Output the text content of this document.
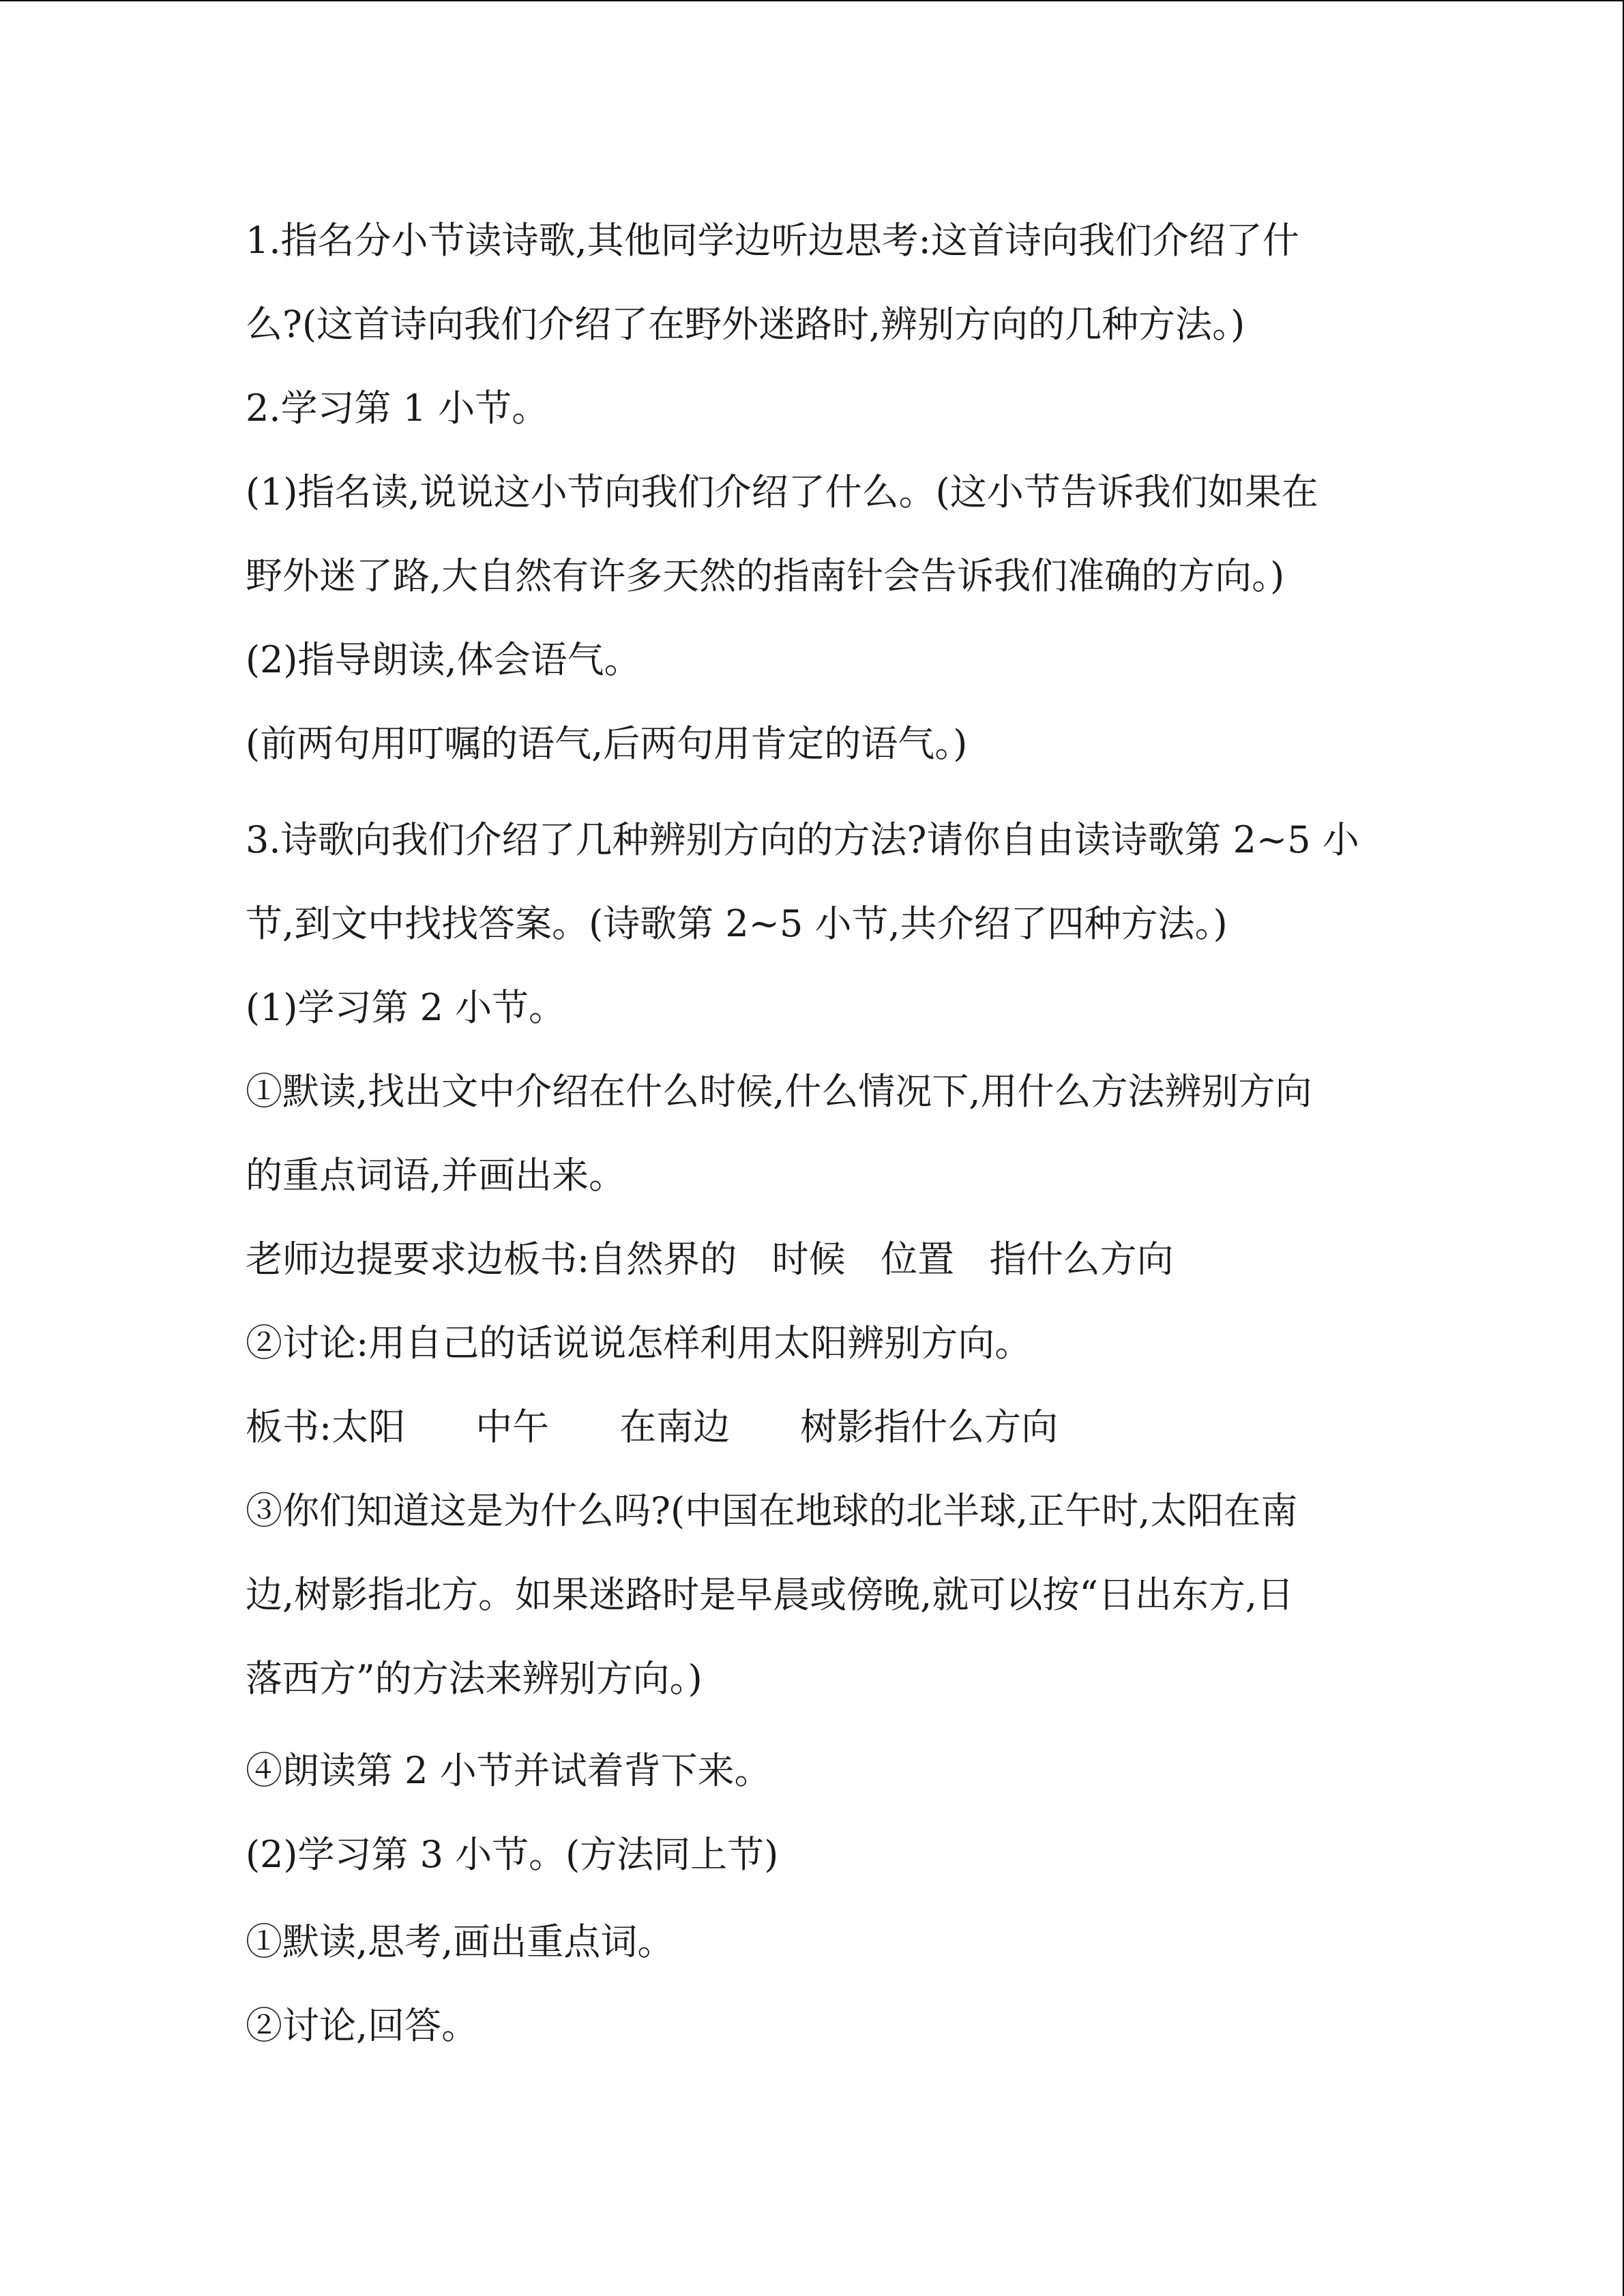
1.指名分小节读诗歌,其他同学边听边思考:这首诗向我们介绍了什
么?(这首诗向我们介绍了在野外迷路时,辨别方向的几种方法。)
2.学习第 1 小节。
(1)指名读,说说这小节向我们介绍了什么。(这小节告诉我们如果在
野外迷了路,大自然有许多天然的指南针会告诉我们准确的方向。)
(2)指导朗读,体会语气。
(前两句用叮嘱的语气,后两句用肯定的语气。)
3.诗歌向我们介绍了几种辨别方向的方法?请你自由读诗歌第 2~5 小
节,到文中找找答案。(诗歌第 2~5 小节,共介绍了四种方法。)
(1)学习第 2 小节。
①默读,找出文中介绍在什么时候,什么情况下,用什么方法辨别方向
的重点词语,并画出来。
老师边提要求边板书:自然界的   时候   位置   指什么方向
②讨论:用自己的话说说怎样利用太阳辨别方向。
板书:太阳      中午      在南边      树影指什么方向
③你们知道这是为什么吗?(中国在地球的北半球,正午时,太阳在南
边,树影指北方。如果迷路时是早晨或傍晚,就可以按“日出东方,日
落西方”的方法来辨别方向。)
④朗读第 2 小节并试着背下来。
(2)学习第 3 小节。(方法同上节)
①默读,思考,画出重点词。
②讨论,回答。
